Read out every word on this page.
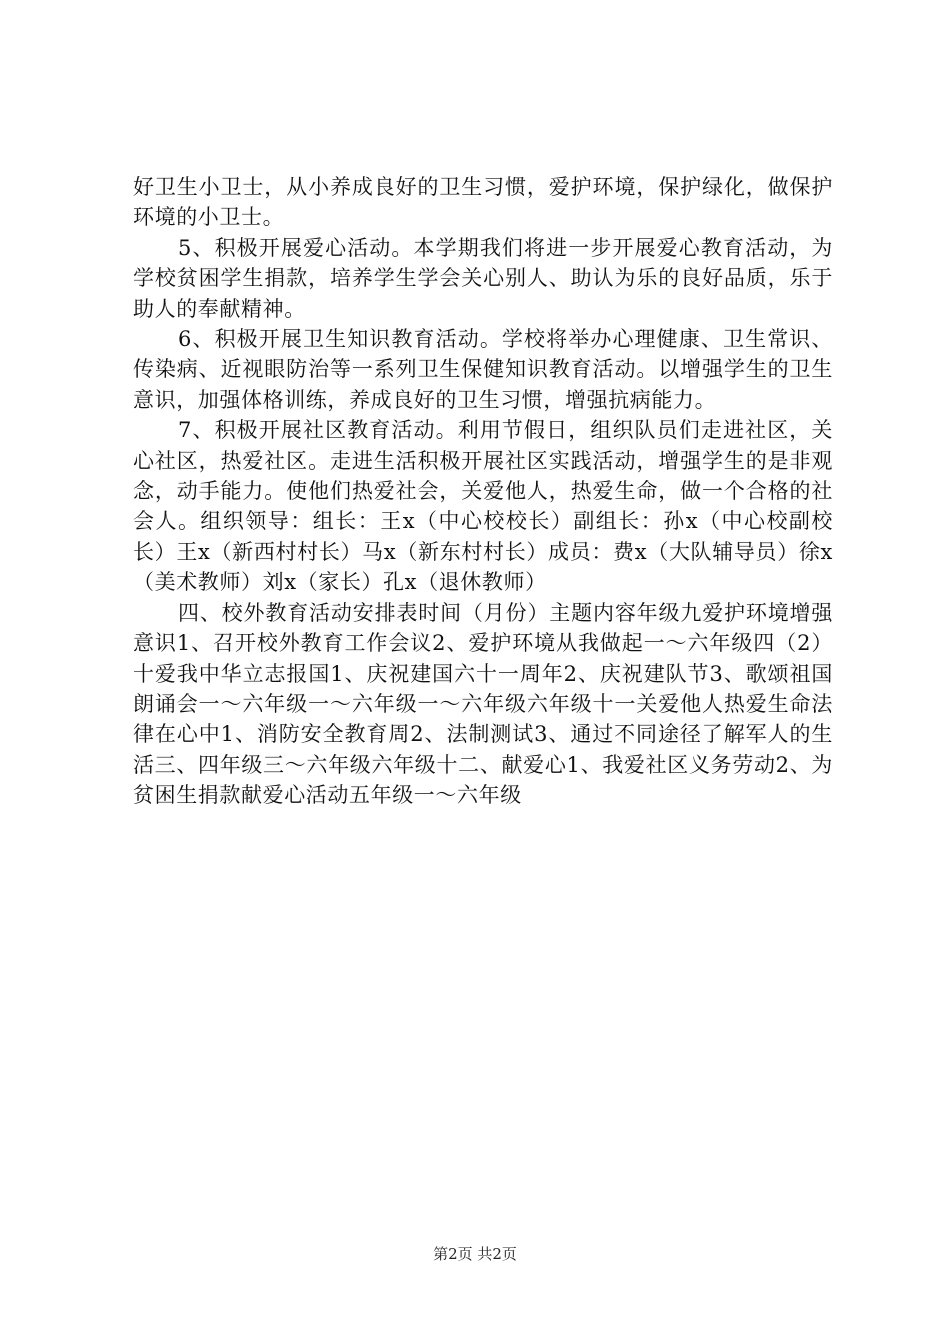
好卫生小卫士，从小养成良好的卫生习惯，爱护环境，保护绿化，做保护环境的小卫士。

5、积极开展爱心活动。本学期我们将进一步开展爱心教育活动，为学校贫困学生捐款，培养学生学会关心别人、助认为乐的良好品质，乐于助人的奉献精神。

6、积极开展卫生知识教育活动。学校将举办心理健康、卫生常识、传染病、近视眼防治等一系列卫生保健知识教育活动。以增强学生的卫生意识，加强体格训练，养成良好的卫生习惯，增强抗病能力。

7、积极开展社区教育活动。利用节假日，组织队员们走进社区，关心社区，热爱社区。走进生活积极开展社区实践活动，增强学生的是非观念，动手能力。使他们热爱社会，关爱他人，热爱生命，做一个合格的社会人。组织领导：组长：王x（中心校校长）副组长：孙x（中心校副校长）王x（新西村村长）马x（新东村村长）成员：费x（大队辅导员）徐x（美术教师）刘x（家长）孔x（退休教师）

四、校外教育活动安排表时间（月份）主题内容年级九爱护环境增强意识1、召开校外教育工作会议2、爱护环境从我做起一～六年级四（2）十爱我中华立志报国1、庆祝建国六十一周年2、庆祝建队节3、歌颂祖国朗诵会一～六年级一～六年级一～六年级六年级十一关爱他人热爱生命法律在心中1、消防安全教育周2、法制测试3、通过不同途径了解军人的生活三、四年级三～六年级六年级十二、献爱心1、我爱社区义务劳动2、为贫困生捐款献爱心活动五年级一～六年级

第2页 共2页
